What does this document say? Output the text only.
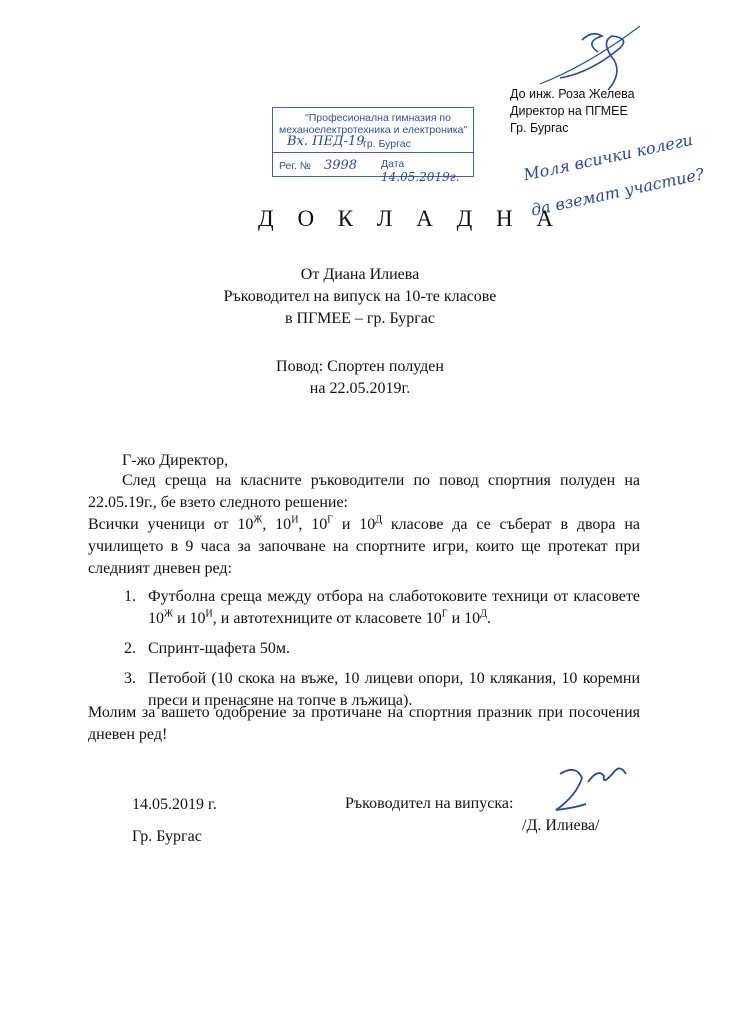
До инж. Роза Желева
Директор на ПГМЕЕ
Гр. Бургас
"Професионална гимназия по
механоелектротехника и електроника"
гр. Бургас
Вх. ПЕД-19
Рег. № 3998 Дата 14.05.2019г.	Моля всички колеги да вземат участие?
Д О К Л А Д Н А
От Диана Илиева
Ръководител на випуск на 10-те класове
в ПГМЕЕ – гр. Бургас
Повод: Спортен полуден
на 22.05.2019г.
Г-жо Директор,
След среща на класните ръководители по повод спортния полуден на 22.05.19г., бе взето следното решение:
Всички ученици от $10^Ж$, $10^И$, $10^Г$ и $10^Д$ класове да се съберат в двора на училището в 9 часа за започване на спортните игри, които ще протекат при следният дневен ред:
1. Футболна среща между отбора на слаботоковите техници от класовете $10^Ж$ и $10^И$, и автотехниците от класовете $10^Г$ и $10^Д$.
2. Спринт-щафета 50м.
3. Петобой (10 скока на въже, 10 лицеви опори, 10 клякания, 10 коремни преси и пренасяне на топче в лъжица).
Молим за вашето одобрение за протичане на спортния празник при посочения дневен ред!
14.05.2019 г.
Гр. Бургас
Ръководител на випуска:
/Д. Илиева/
